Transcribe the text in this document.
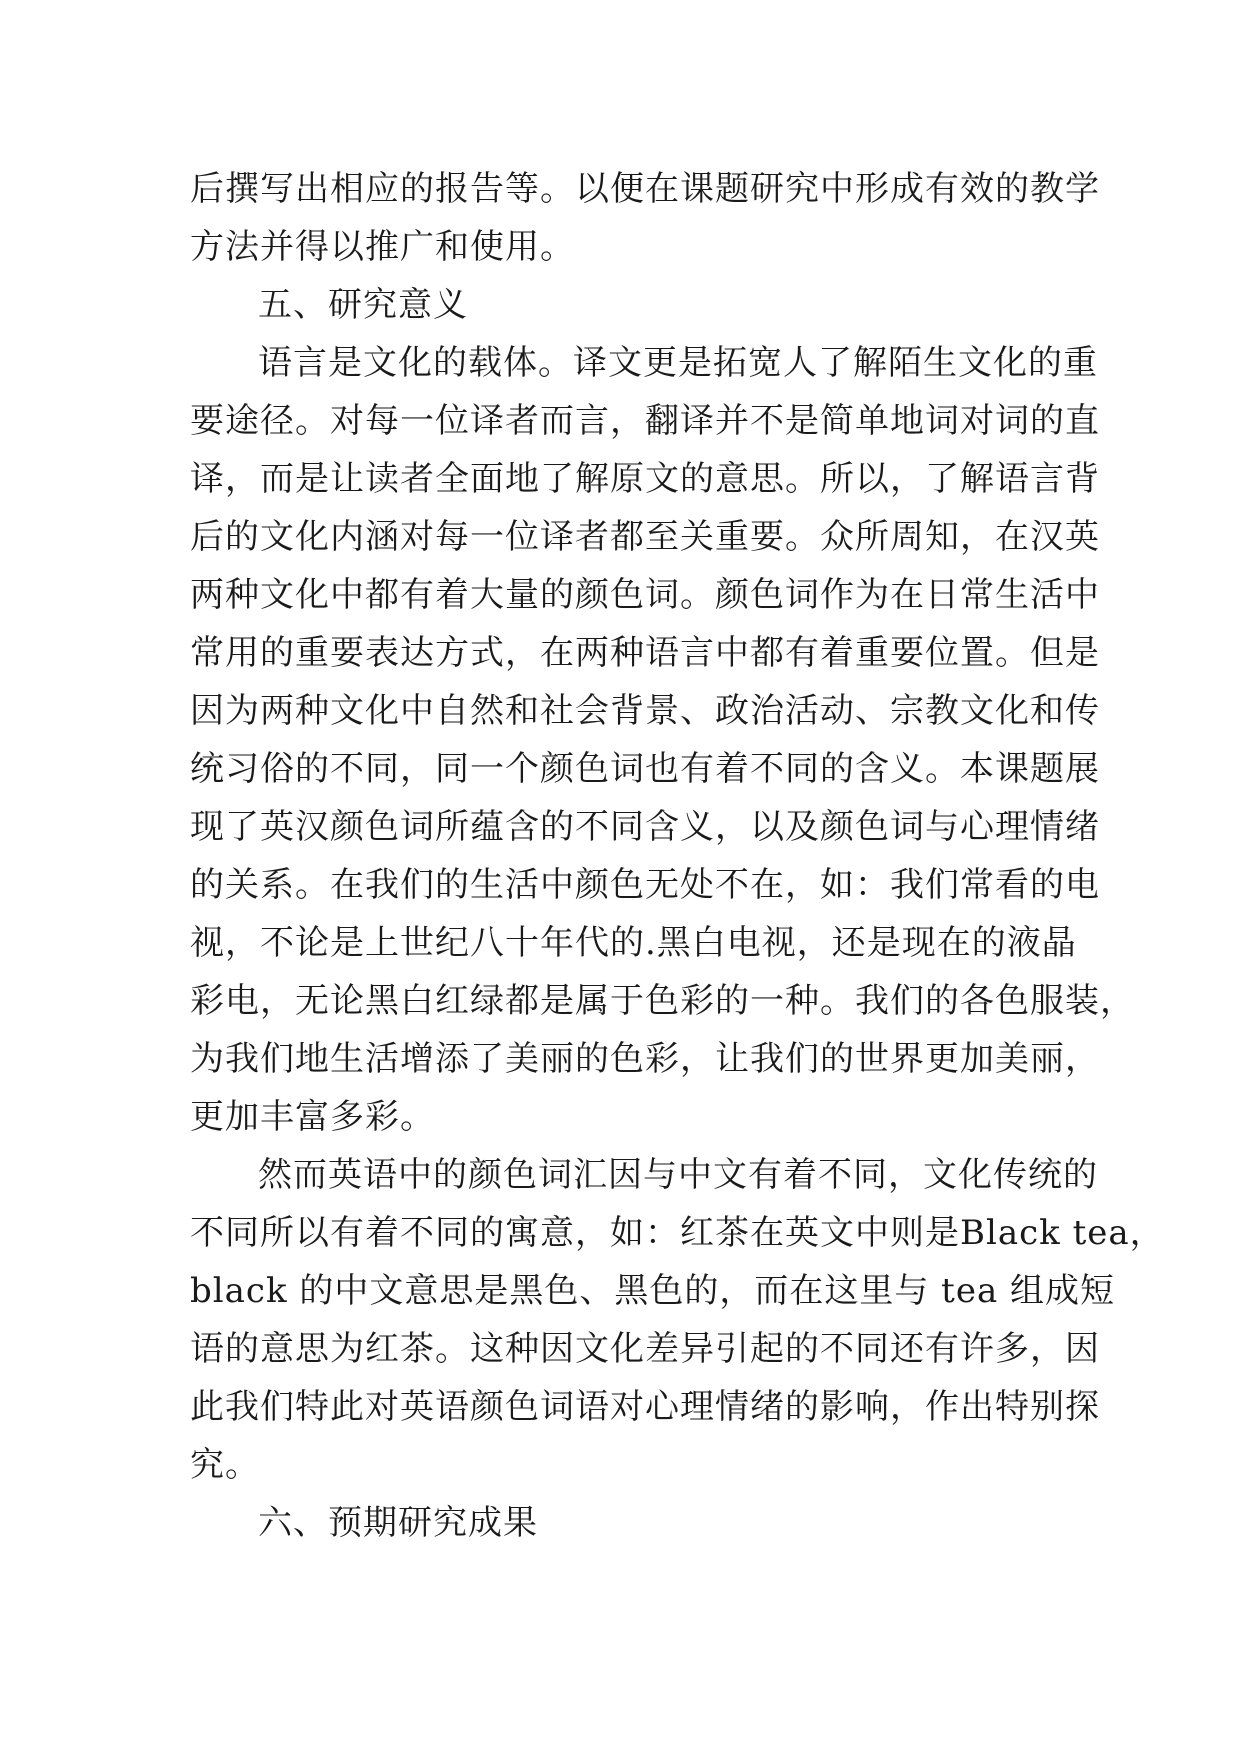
后撰写出相应的报告等。以便在课题研究中形成有效的教学
方法并得以推广和使用。
五、研究意义
语言是文化的载体。译文更是拓宽人了解陌生文化的重
要途径。对每一位译者而言，翻译并不是简单地词对词的直
译，而是让读者全面地了解原文的意思。所以，了解语言背
后的文化内涵对每一位译者都至关重要。众所周知，在汉英
两种文化中都有着大量的颜色词。颜色词作为在日常生活中
常用的重要表达方式，在两种语言中都有着重要位置。但是
因为两种文化中自然和社会背景、政治活动、宗教文化和传
统习俗的不同，同一个颜色词也有着不同的含义。本课题展
现了英汉颜色词所蕴含的不同含义，以及颜色词与心理情绪
的关系。在我们的生活中颜色无处不在，如：我们常看的电
视，不论是上世纪八十年代的.黑白电视，还是现在的液晶
彩电，无论黑白红绿都是属于色彩的一种。我们的各色服装，
为我们地生活增添了美丽的色彩，让我们的世界更加美丽，
更加丰富多彩。
然而英语中的颜色词汇因与中文有着不同，文化传统的
不同所以有着不同的寓意，如：红茶在英文中则是Black tea，
black 的中文意思是黑色、黑色的，而在这里与 tea 组成短
语的意思为红茶。这种因文化差异引起的不同还有许多，因
此我们特此对英语颜色词语对心理情绪的影响，作出特别探
究。
六、预期研究成果
